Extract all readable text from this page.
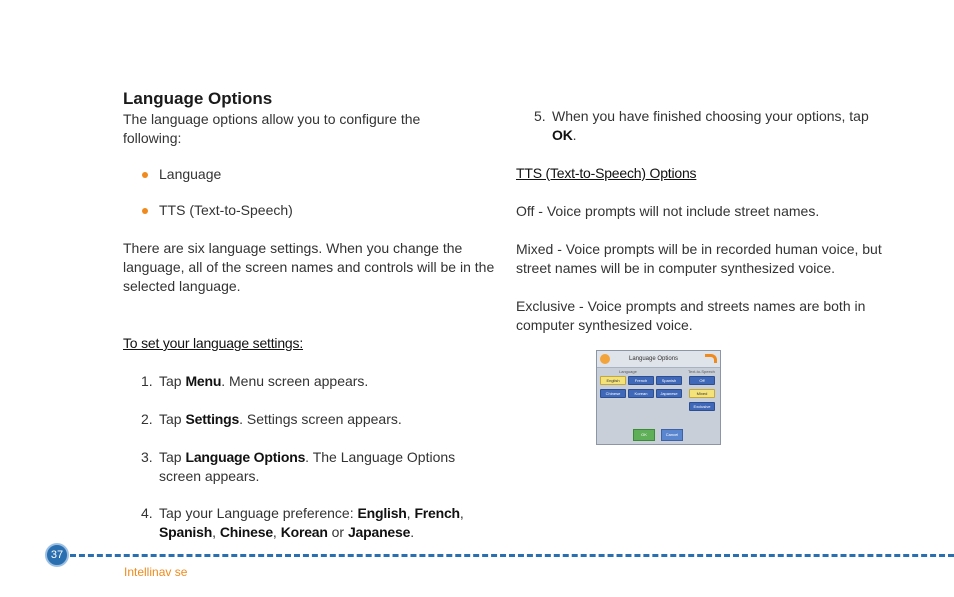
Language Options
The language options allow you to configure the following:
Language
TTS (Text-to-Speech)
There are six language settings. When you change the language, all of the screen names and controls will be in the selected language.
To set your language settings:
1. Tap Menu. Menu screen appears.
2. Tap Settings. Settings screen appears.
3. Tap Language Options. The Language Options screen appears.
4. Tap your Language preference: English, French,
Spanish, Chinese, Korean or Japanese.
5. When you have finished choosing your options, tap OK.
TTS (Text-to-Speech) Options
Off - Voice prompts will not include street names.
Mixed - Voice prompts will be in recorded human voice, but street names will be in computer synthesized voice.
Exclusive - Voice prompts and streets names are both in computer synthesized voice.
Language Options
Language	Text-to-Speech
English	French	Spanish
Chinese	Korean	Japanese
Off
Mixed
Exclusive
OK	Cancel
37
Intellinav se
